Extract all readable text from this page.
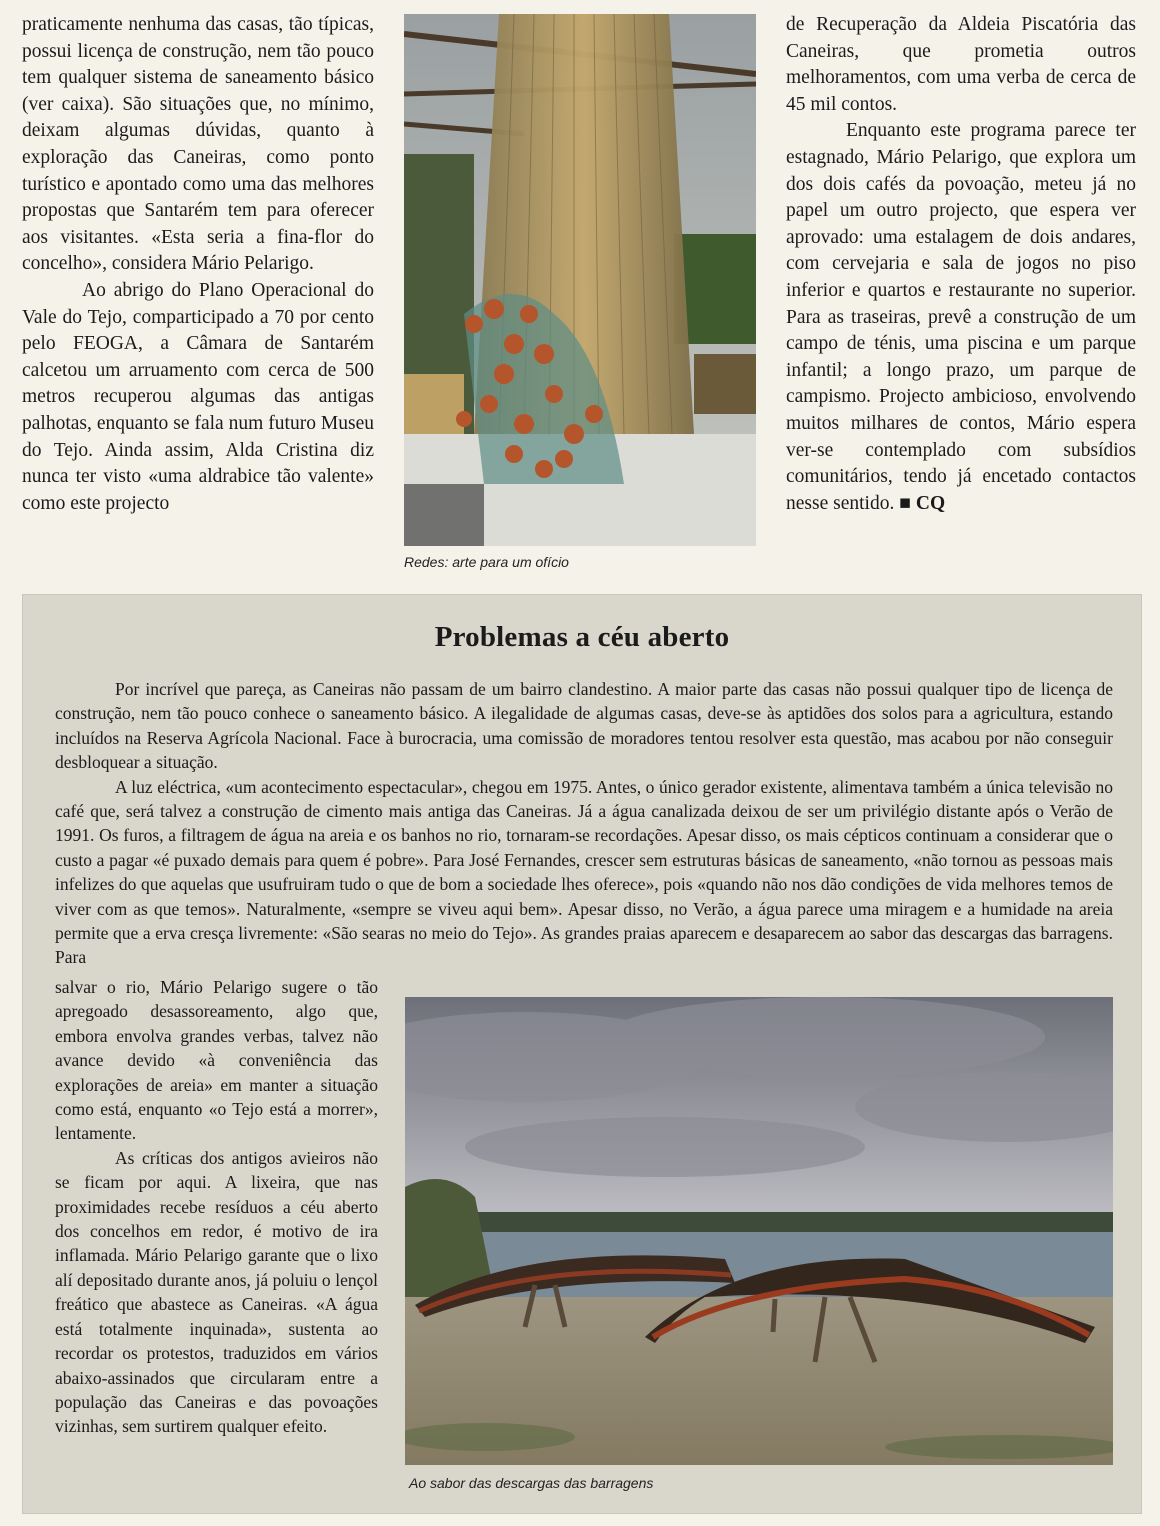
praticamente nenhuma das casas, tão típicas, possui licença de construção, nem tão pouco tem qualquer sistema de saneamento básico (ver caixa). São situações que, no mínimo, deixam algumas dúvidas, quanto à exploração das Caneiras, como ponto turístico e apontado como uma das melhores propostas que Santarém tem para oferecer aos visitantes. «Esta seria a fina-flor do concelho», considera Mário Pelarigo.

Ao abrigo do Plano Operacional do Vale do Tejo, comparticipado a 70 por cento pelo FEOGA, a Câmara de Santarém calcetou um arruamento com cerca de 500 metros recuperou algumas das antigas palhotas, enquanto se fala num futuro Museu do Tejo. Ainda assim, Alda Cristina diz nunca ter visto «uma aldrabice tão valente» como este projecto

Redes: arte para um ofício

de Recuperação da Aldeia Piscatória das Caneiras, que prometia outros melhoramentos, com uma verba de cerca de 45 mil contos.

Enquanto este programa parece ter estagnado, Mário Pelarigo, que explora um dos dois cafés da povoação, meteu já no papel um outro projecto, que espera ver aprovado: uma estalagem de dois andares, com cervejaria e sala de jogos no piso inferior e quartos e restaurante no superior. Para as traseiras, prevê a construção de um campo de ténis, uma piscina e um parque infantil; a longo prazo, um parque de campismo. Projecto ambicioso, envolvendo muitos milhares de contos, Mário espera ver-se contemplado com subsídios comunitários, tendo já encetado contactos nesse sentido. ■ CQ

Problemas a céu aberto

Por incrível que pareça, as Caneiras não passam de um bairro clandestino. A maior parte das casas não possui qualquer tipo de licença de construção, nem tão pouco conhece o saneamento básico. A ilegalidade de algumas casas, deve-se às aptidões dos solos para a agricultura, estando incluídos na Reserva Agrícola Nacional. Face à burocracia, uma comissão de moradores tentou resolver esta questão, mas acabou por não conseguir desbloquear a situação.

A luz eléctrica, «um acontecimento espectacular», chegou em 1975. Antes, o único gerador existente, alimentava também a única televisão no café que, será talvez a construção de cimento mais antiga das Caneiras. Já a água canalizada deixou de ser um privilégio distante após o Verão de 1991. Os furos, a filtragem de água na areia e os banhos no rio, tornaram-se recordações. Apesar disso, os mais cépticos continuam a considerar que o custo a pagar «é puxado demais para quem é pobre». Para José Fernandes, crescer sem estruturas básicas de saneamento, «não tornou as pessoas mais infelizes do que aquelas que usufruiram tudo o que de bom a sociedade lhes oferece», pois «quando não nos dão condições de vida melhores temos de viver com as que temos». Naturalmente, «sempre se viveu aqui bem». Apesar disso, no Verão, a água parece uma miragem e a humidade na areia permite que a erva cresça livremente: «São searas no meio do Tejo». As grandes praias aparecem e desaparecem ao sabor das descargas das barragens. Para

salvar o rio, Mário Pelarigo sugere o tão apregoado desassoreamento, algo que, embora envolva grandes verbas, talvez não avance devido «à conveniência das explorações de areia» em manter a situação como está, enquanto «o Tejo está a morrer», lentamente.

As críticas dos antigos avieiros não se ficam por aqui. A lixeira, que nas proximidades recebe resíduos a céu aberto dos concelhos em redor, é motivo de ira inflamada. Mário Pelarigo garante que o lixo alí depositado durante anos, já poluiu o lençol freático que abastece as Caneiras. «A água está totalmente inquinada», sustenta ao recordar os protestos, traduzidos em vários abaixo-assinados que circularam entre a população das Caneiras e das povoações vizinhas, sem surtirem qualquer efeito.

Ao sabor das descargas das barragens
